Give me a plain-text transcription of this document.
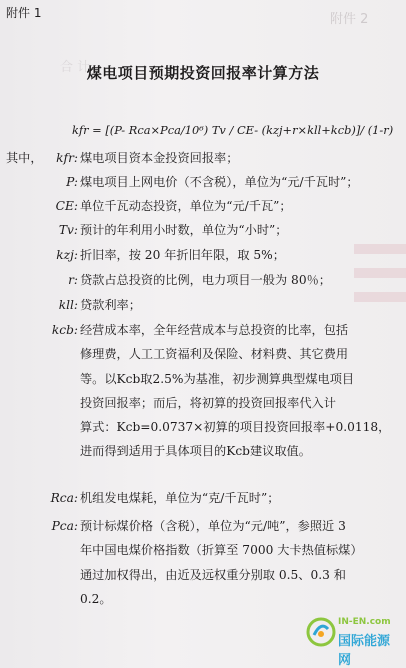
附件 2
合 计
附件 1
煤电项目预期投资回报率计算方法
kfr = [(P- Rca×Pca/10⁶) Tv / CE- (kzj+r×kll+kcb)]/ (1-r)
其中，	kfr: 煤电项目资本金投资回报率；
P: 煤电项目上网电价（不含税），单位为“元/千瓦时”；
CE: 单位千瓦动态投资，单位为“元/千瓦”；
Tv: 预计的年利用小时数，单位为“小时”；
kzj: 折旧率，按 20 年折旧年限，取 5%；
r: 贷款占总投资的比例，电力项目一般为 80％；
kll: 贷款利率；
kcb: 经营成本率，全年经营成本与总投资的比率，包括
修理费，人工工资福利及保险、材料费、其它费用
等。以Kcb取2.5%为基准，初步测算典型煤电项目
投资回报率；而后，将初算的投资回报率代入计
算式：Kcb=0.0737×初算的项目投资回报率+0.0118，
进而得到适用于具体项目的Kcb建议取值。
Rca: 机组发电煤耗，单位为“克/千瓦时”；
Pca: 预计标煤价格（含税），单位为“元/吨”，参照近 3
年中国电煤价格指数（折算至 7000 大卡热值标煤）
通过加权得出，由近及远权重分别取 0.5、0.3 和
0.2。
IN-EN.com
国际能源网
